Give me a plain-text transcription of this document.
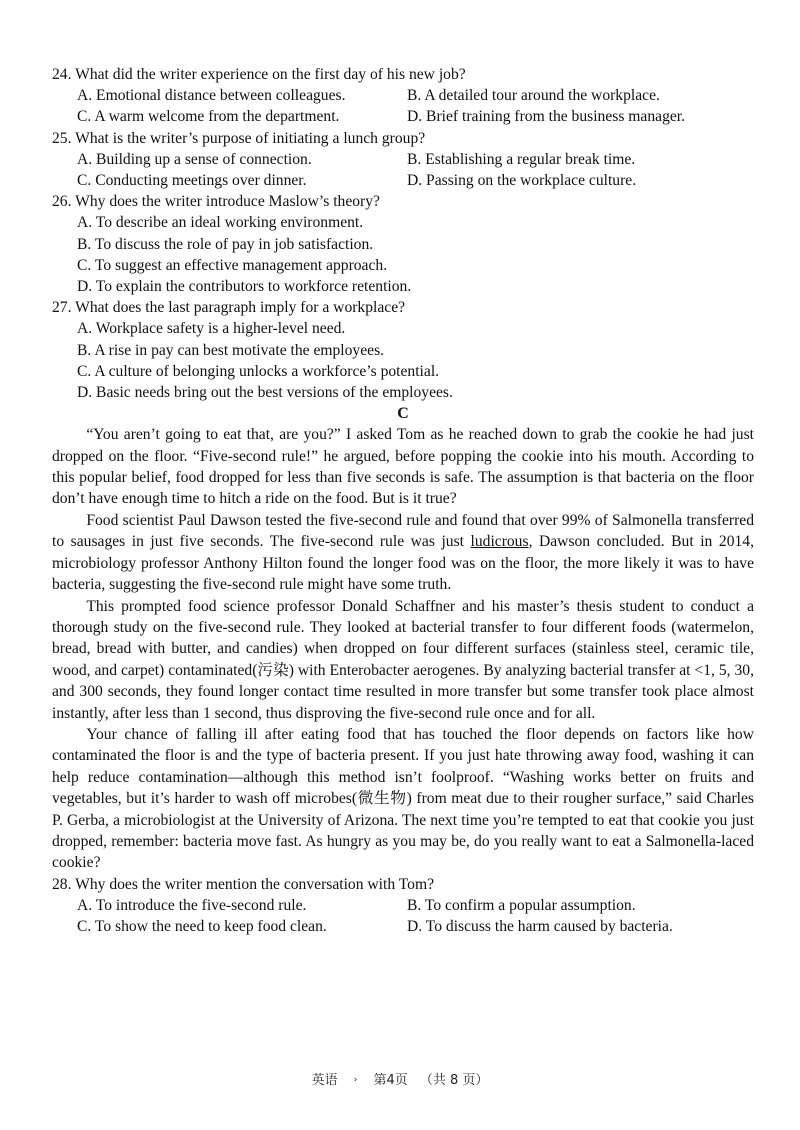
24. What did the writer experience on the first day of his new job?
A. Emotional distance between colleagues.	B. A detailed tour around the workplace.
C. A warm welcome from the department.	D. Brief training from the business manager.
25. What is the writer’s purpose of initiating a lunch group?
A. Building up a sense of connection.	B. Establishing a regular break time.
C. Conducting meetings over dinner.	D. Passing on the workplace culture.
26. Why does the writer introduce Maslow’s theory?
A. To describe an ideal working environment.
B. To discuss the role of pay in job satisfaction.
C. To suggest an effective management approach.
D. To explain the contributors to workforce retention.
27. What does the last paragraph imply for a workplace?
A. Workplace safety is a higher-level need.
B. A rise in pay can best motivate the employees.
C. A culture of belonging unlocks a workforce’s potential.
D. Basic needs bring out the best versions of the employees.
C

“You aren’t going to eat that, are you?” I asked Tom as he reached down to grab the cookie he had just dropped on the floor. “Five-second rule!” he argued, before popping the cookie into his mouth. According to this popular belief, food dropped for less than five seconds is safe. The assumption is that bacteria on the floor don’t have enough time to hitch a ride on the food. But is it true?

Food scientist Paul Dawson tested the five-second rule and found that over 99% of Salmonella transferred to sausages in just five seconds. The five-second rule was just ludicrous, Dawson concluded. But in 2014, microbiology professor Anthony Hilton found the longer food was on the floor, the more likely it was to have bacteria, suggesting the five-second rule might have some truth.

This prompted food science professor Donald Schaffner and his master’s thesis student to conduct a thorough study on the five-second rule. They looked at bacterial transfer to four different foods (watermelon, bread, bread with butter, and candies) when dropped on four different surfaces (stainless steel, ceramic tile, wood, and carpet) contaminated(污染) with Enterobacter aerogenes. By analyzing bacterial transfer at <1, 5, 30, and 300 seconds, they found longer contact time resulted in more transfer but some transfer took place almost instantly, after less than 1 second, thus disproving the five-second rule once and for all.

Your chance of falling ill after eating food that has touched the floor depends on factors like how contaminated the floor is and the type of bacteria present. If you just hate throwing away food, washing it can help reduce contamination—although this method isn’t foolproof. “Washing works better on fruits and vegetables, but it’s harder to wash off microbes(微生物) from meat due to their rougher surface,” said Charles P. Gerba, a microbiologist at the University of Arizona. The next time you’re tempted to eat that cookie you just dropped, remember: bacteria move fast. As hungry as you may be, do you really want to eat a Salmonella-laced cookie?

28. Why does the writer mention the conversation with Tom?
A. To introduce the five-second rule.	B. To confirm a popular assumption.
C. To show the need to keep food clean.	D. To discuss the harm caused by bacteria.
英语 › 第4页 （共 8 页）
